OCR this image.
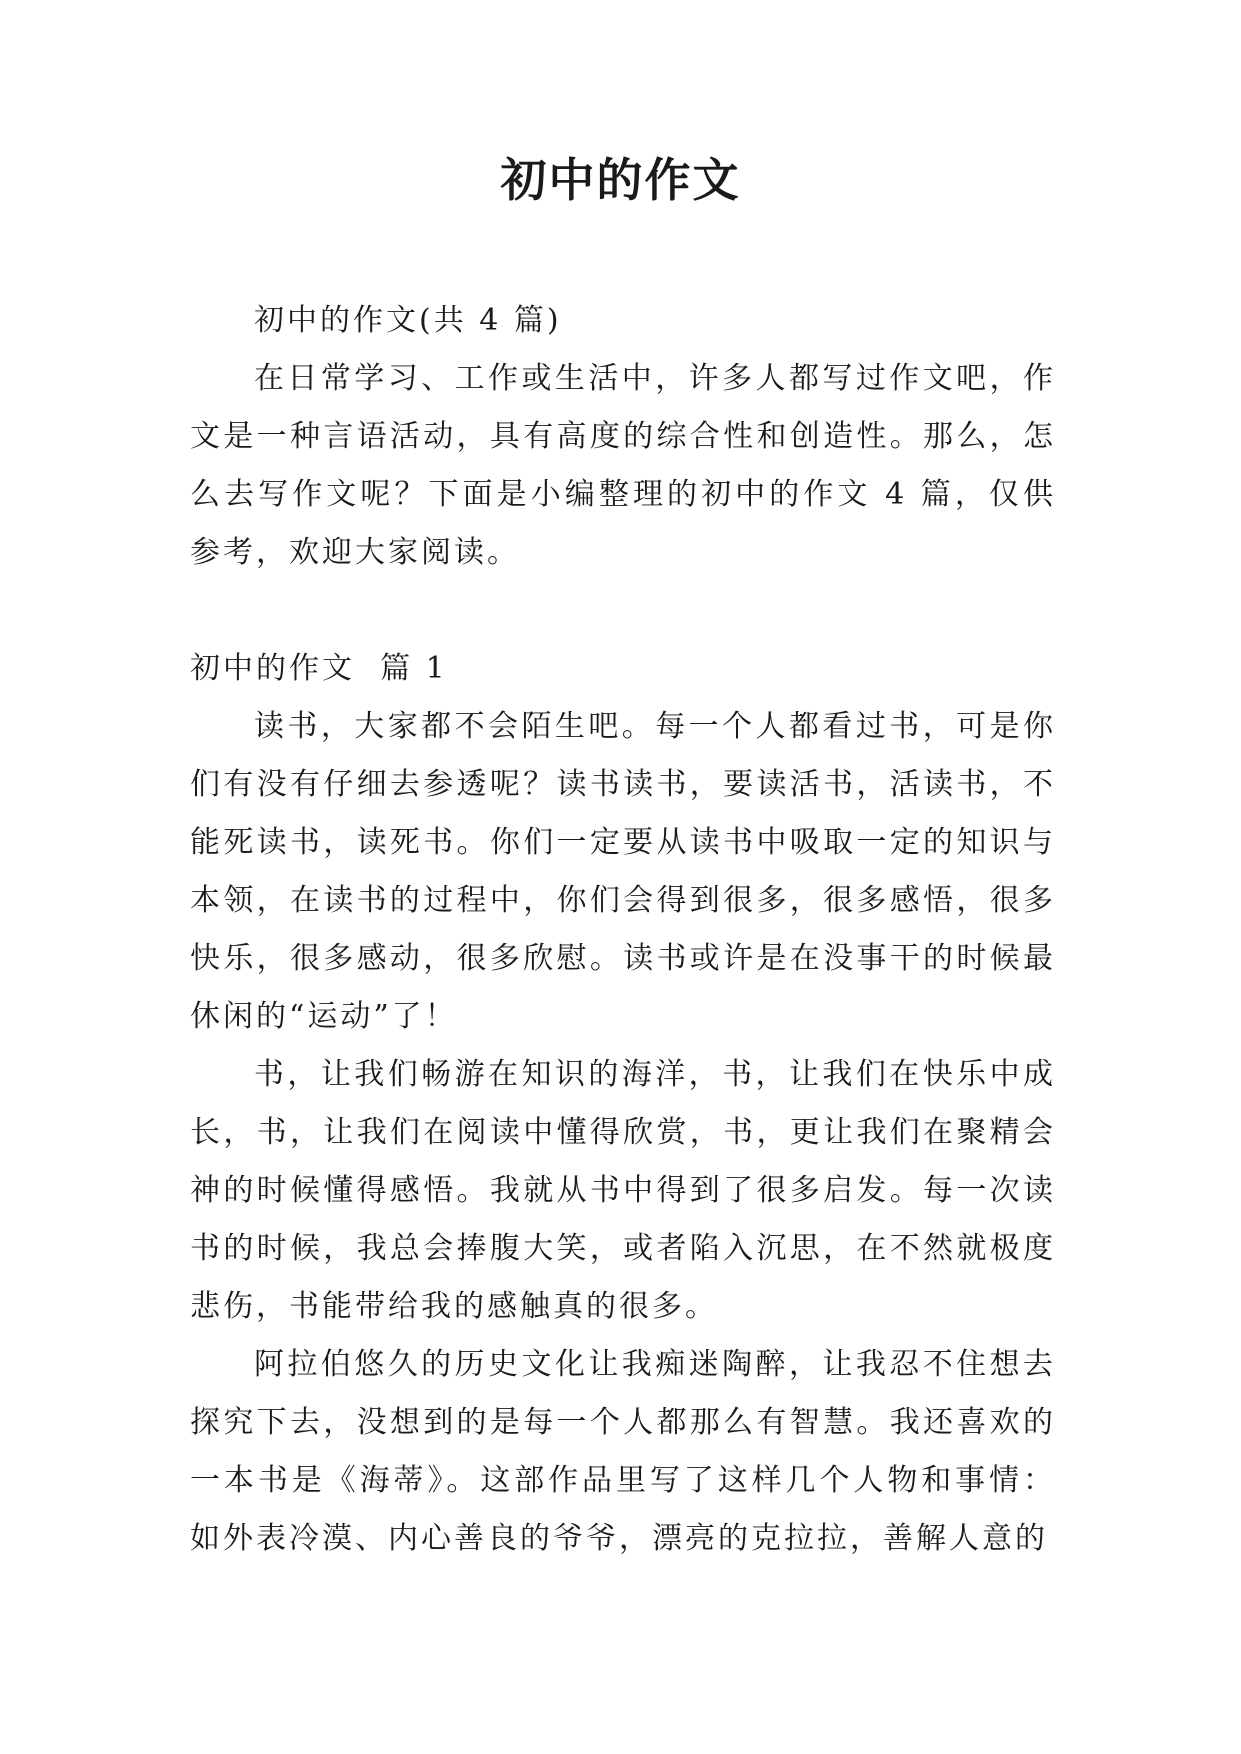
初中的作文

初中的作文(共 4 篇)

在日常学习、工作或生活中，许多人都写过作文吧，作文是一种言语活动，具有高度的综合性和创造性。那么，怎么去写作文呢？下面是小编整理的初中的作文 4 篇，仅供参考，欢迎大家阅读。

初中的作文  篇 1

读书，大家都不会陌生吧。每一个人都看过书，可是你们有没有仔细去参透呢？读书读书，要读活书，活读书，不能死读书，读死书。你们一定要从读书中吸取一定的知识与本领，在读书的过程中，你们会得到很多，很多感悟，很多快乐，很多感动，很多欣慰。读书或许是在没事干的时候最休闲的“运动”了！

书，让我们畅游在知识的海洋，书，让我们在快乐中成长，书，让我们在阅读中懂得欣赏，书，更让我们在聚精会神的时候懂得感悟。我就从书中得到了很多启发。每一次读书的时候，我总会捧腹大笑，或者陷入沉思，在不然就极度悲伤，书能带给我的感触真的很多。

阿拉伯悠久的历史文化让我痴迷陶醉，让我忍不住想去探究下去，没想到的是每一个人都那么有智慧。我还喜欢的一本书是《海蒂》。这部作品里写了这样几个人物和事情：如外表冷漠、内心善良的爷爷，漂亮的克拉拉，善解人意的
